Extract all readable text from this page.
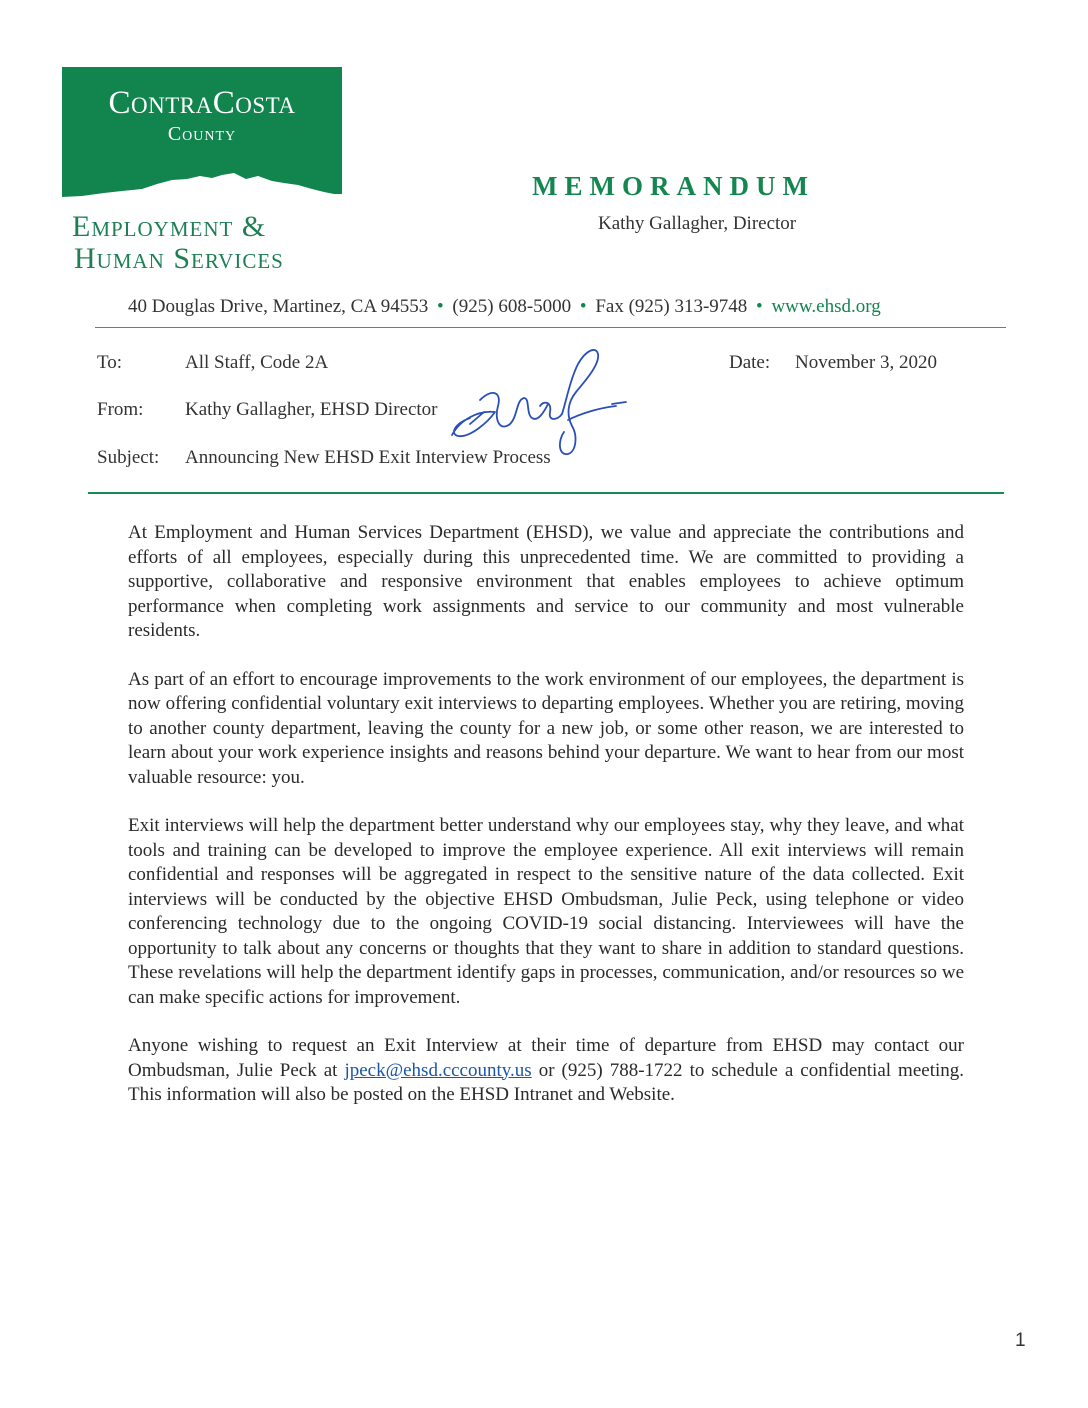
ContraCosta
County
Employment &
Human Services
MEMORANDUM
Kathy Gallagher, Director
40 Douglas Drive, Martinez, CA 94553 • (925) 608-5000 • Fax (925) 313-9748 • www.ehsd.org
To:	All Staff, Code 2A
From: Kathy Gallagher, EHSD Director
Subject: Announcing New EHSD Exit Interview Process
Date: November 3, 2020

At Employment and Human Services Department (EHSD), we value and appreciate the contributions and efforts of all employees, especially during this unprecedented time. We are committed to providing a supportive, collaborative and responsive environment that enables employees to achieve optimum performance when completing work assignments and service to our community and most vulnerable residents.

As part of an effort to encourage improvements to the work environment of our employees, the department is now offering confidential voluntary exit interviews to departing employees. Whether you are retiring, moving to another county department, leaving the county for a new job, or some other reason, we are interested to learn about your work experience insights and reasons behind your departure. We want to hear from our most valuable resource: you.

Exit interviews will help the department better understand why our employees stay, why they leave, and what tools and training can be developed to improve the employee experience. All exit interviews will remain confidential and responses will be aggregated in respect to the sensitive nature of the data collected. Exit interviews will be conducted by the objective EHSD Ombudsman, Julie Peck, using telephone or video conferencing technology due to the ongoing COVID-19 social distancing. Interviewees will have the opportunity to talk about any concerns or thoughts that they want to share in addition to standard questions. These revelations will help the department identify gaps in processes, communication, and/or resources so we can make specific actions for improvement.

Anyone wishing to request an Exit Interview at their time of departure from EHSD may contact our Ombudsman, Julie Peck at jpeck@ehsd.cccounty.us or (925) 788-1722 to schedule a confidential meeting. This information will also be posted on the EHSD Intranet and Website.

1
